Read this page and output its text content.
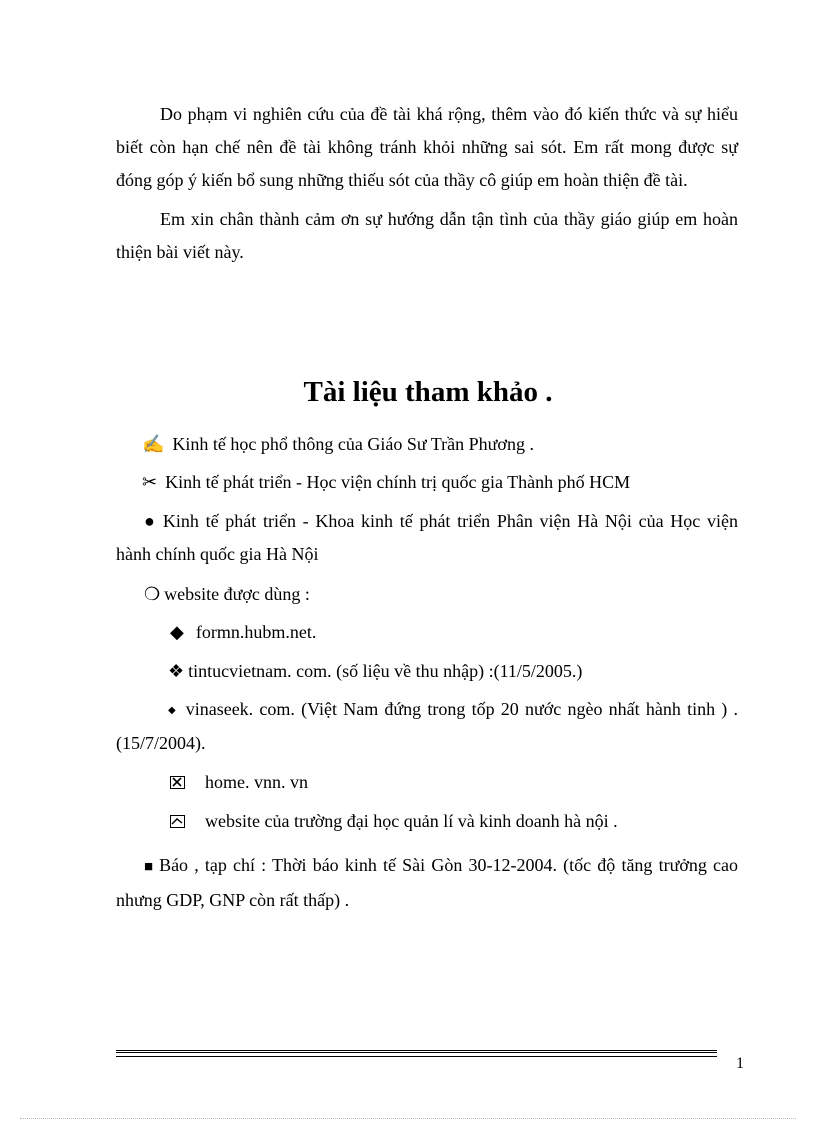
Do phạm vi nghiên cứu của đề tài khá rộng, thêm vào đó kiến thức và sự hiểu biết còn hạn chế nên đề tài không tránh khỏi những sai sót. Em rất mong được sự đóng góp ý kiến bổ sung những thiếu sót của thầy cô giúp em hoàn thiện đề tài.

Em xin chân thành cảm ơn sự hướng dẫn tận tình của thầy giáo giúp em hoàn thiện bài viết này.

Tài liệu tham khảo .
✍ Kinh tế học phổ thông của Giáo Sư Trần Phương .
✂ Kinh tế phát triển - Học viện chính trị quốc gia Thành phố HCM
● Kinh tế phát triển - Khoa kinh tế phát triển Phân viện Hà Nội của Học viện hành chính quốc gia Hà Nội
❍ website được dùng :
◆ formn.hubm.net.
❖ tintucvietnam. com. (số liệu về thu nhập) :(11/5/2005.)
◆ vinaseek. com. (Việt Nam đứng trong tốp 20 nước ngèo nhất hành tinh ) . (15/7/2004).
home. vnn. vn
website của trường đại học quản lí và kinh doanh hà nội .
■ Báo , tạp chí : Thời báo kinh tế Sài Gòn 30-12-2004. (tốc độ tăng trưởng cao nhưng GDP, GNP còn rất thấp) .
1
